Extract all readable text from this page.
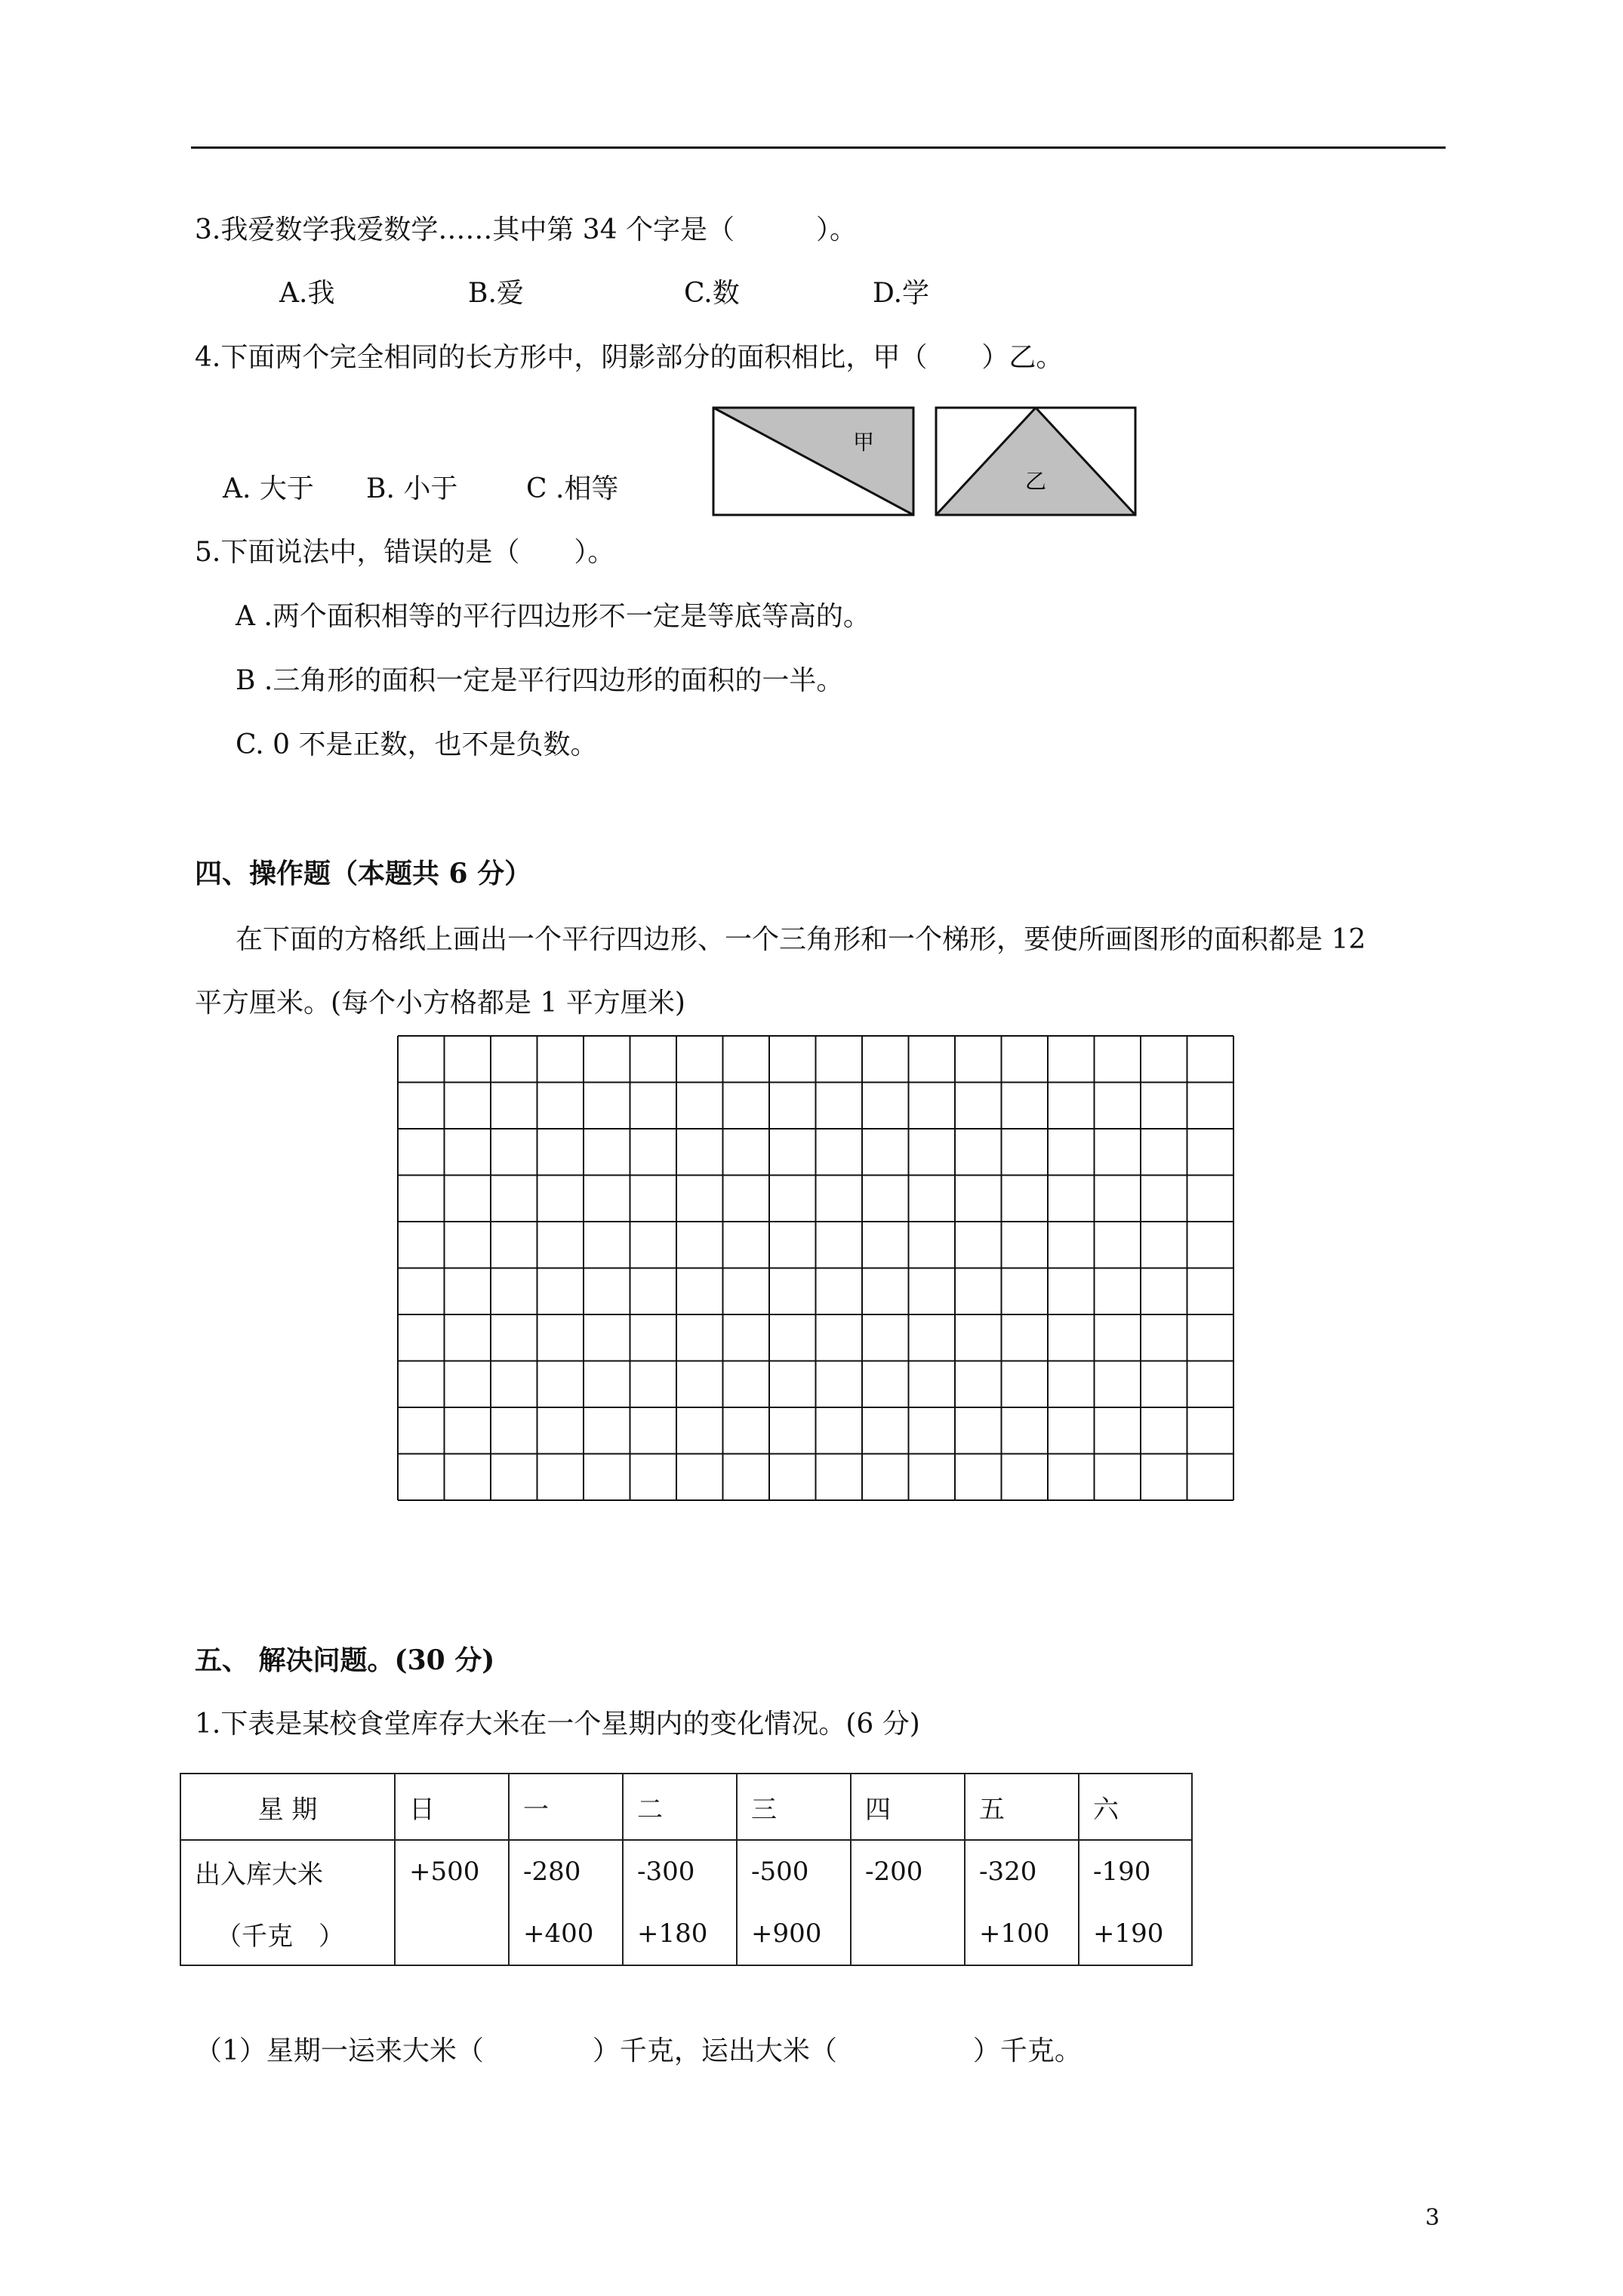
3.我爱数学我爱数学……其中第 34 个字是（　　　）。
A.我	B.爱	C.数	D.学
4.下面两个完全相同的长方形中，阴影部分的面积相比，甲（　　）乙。
A. 大于 B. 小于	C .相等
甲
乙
5.下面说法中，错误的是（　　）。
A .两个面积相等的平行四边形不一定是等底等高的。
B .三角形的面积一定是平行四边形的面积的一半。
C. 0 不是正数，也不是负数。
四、操作题（本题共 6 分）
在下面的方格纸上画出一个平行四边形、一个三角形和一个梯形，要使所画图形的面积都是 12
平方厘米。(每个小方格都是 1 平方厘米)
五、 解决问题。(30 分)
1.下表是某校食堂库存大米在一个星期内的变化情况。(6 分)
星 期	日	一	二	三	四	五	六
出入库大米	+500	-280	-300	-500	-200	-320	-190
（千克　）		+400	+180	+900		+100	+190
（1）星期一运来大米（　　　　）千克，运出大米（　　　　　）千克。
3
